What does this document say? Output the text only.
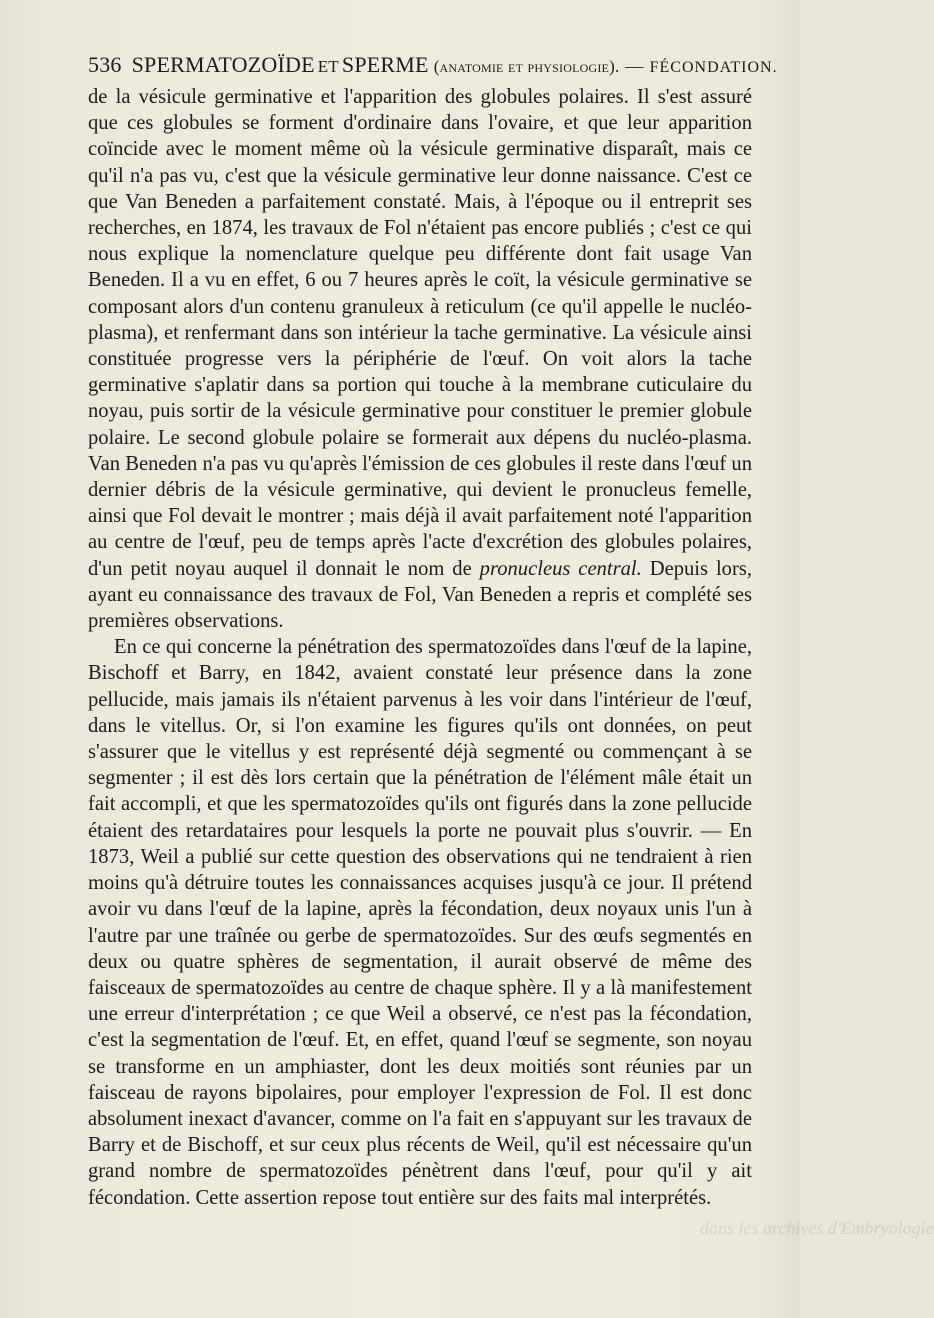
536 SPERMATOZOÏDE ET SPERME (anatomie et physiologie). — FÉCONDATION.

de la vésicule germinative et l'apparition des globules polaires. Il s'est assuré que ces globules se forment d'ordinaire dans l'ovaire, et que leur apparition coïncide avec le moment même où la vésicule germinative disparaît, mais ce qu'il n'a pas vu, c'est que la vésicule germinative leur donne naissance. C'est ce que Van Beneden a parfaitement constaté. Mais, à l'époque ou il entreprit ses recherches, en 1874, les travaux de Fol n'étaient pas encore publiés ; c'est ce qui nous explique la nomenclature quelque peu différente dont fait usage Van Beneden. Il a vu en effet, 6 ou 7 heures après le coït, la vésicule germinative se composant alors d'un contenu granuleux à reticulum (ce qu'il appelle le nucléo-plasma), et renfermant dans son intérieur la tache germinative. La vésicule ainsi constituée progresse vers la périphérie de l'œuf. On voit alors la tache germinative s'aplatir dans sa portion qui touche à la membrane cuticulaire du noyau, puis sortir de la vésicule germinative pour constituer le premier globule polaire. Le second globule polaire se formerait aux dépens du nucléo-plasma. Van Beneden n'a pas vu qu'après l'émission de ces globules il reste dans l'œuf un dernier débris de la vésicule germinative, qui devient le pronucleus femelle, ainsi que Fol devait le montrer ; mais déjà il avait parfaitement noté l'apparition au centre de l'œuf, peu de temps après l'acte d'excrétion des globules polaires, d'un petit noyau auquel il donnait le nom de pronucleus central. Depuis lors, ayant eu connaissance des travaux de Fol, Van Beneden a repris et complété ses premières observations.

En ce qui concerne la pénétration des spermatozoïdes dans l'œuf de la lapine, Bischoff et Barry, en 1842, avaient constaté leur présence dans la zone pellucide, mais jamais ils n'étaient parvenus à les voir dans l'intérieur de l'œuf, dans le vitellus. Or, si l'on examine les figures qu'ils ont données, on peut s'assurer que le vitellus y est représenté déjà segmenté ou commençant à se segmenter ; il est dès lors certain que la pénétration de l'élément mâle était un fait accompli, et que les spermatozoïdes qu'ils ont figurés dans la zone pellucide étaient des retardataires pour lesquels la porte ne pouvait plus s'ouvrir. — En 1873, Weil a publié sur cette question des observations qui ne tendraient à rien moins qu'à détruire toutes les connaissances acquises jusqu'à ce jour. Il prétend avoir vu dans l'œuf de la lapine, après la fécondation, deux noyaux unis l'un à l'autre par une traînée ou gerbe de spermatozoïdes. Sur des œufs segmentés en deux ou quatre sphères de segmentation, il aurait observé de même des faisceaux de spermatozoïdes au centre de chaque sphère. Il y a là manifestement une erreur d'interprétation ; ce que Weil a observé, ce n'est pas la fécondation, c'est la segmentation de l'œuf. Et, en effet, quand l'œuf se segmente, son noyau se transforme en un amphiaster, dont les deux moitiés sont réunies par un faisceau de rayons bipolaires, pour employer l'expression de Fol. Il est donc absolument inexact d'avancer, comme on l'a fait en s'appuyant sur les travaux de Barry et de Bischoff, et sur ceux plus récents de Weil, qu'il est nécessaire qu'un grand nombre de spermatozoïdes pénètrent dans l'œuf, pour qu'il y ait fécondation. Cette assertion repose tout entière sur des faits mal interprétés.

dans les archives d'Embryologie
